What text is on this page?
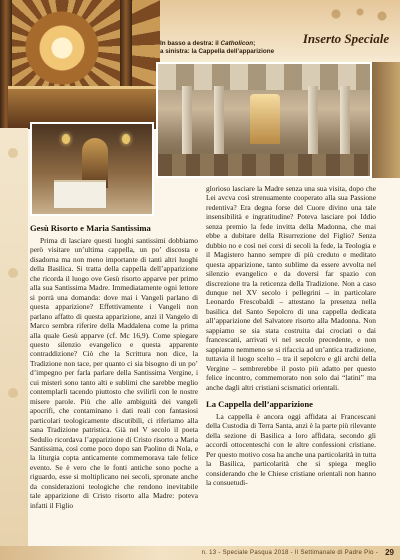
Inserto Speciale
In basso a destra: il Catholicon;
a sinistra: la Cappella dell’apparizione
Gesù Risorto e Maria Santissima

Prima di lasciare questi luoghi santissimi dobbiamo però visitare un’ultima cappella, un po’ discosta e disadorna ma non meno importante di tanti altri luoghi della Basilica. Si tratta della cappella dell’apparizione che ricorda il luogo ove Gesù risorto apparve per primo alla sua Santissima Madre. Immediatamente ogni lettore si porrà una domanda: dove mai i Vangeli parlano di questa apparizione? Effettivamente i Vangeli non parlano affatto di questa apparizione, anzi il Vangelo di Marco sembra riferire della Maddalena come la prima alla quale Gesù apparve (cf. Mc 16,9). Come spiegare questo silenzio evangelico e questa apparente contraddizione? Ciò che la Scrittura non dice, la Tradizione non tace, per quanto ci sia bisogno di un po’ d’impegno per farla parlare della Santissima Vergine, i cui misteri sono tanto alti e sublimi che sarebbe meglio contemplarli tacendo piuttosto che svilirli con le nostre misere parole. Più che alle ambiguità dei vangeli apocrifi, che contaminano i dati reali con fantasiosi particolari teologicamente discutibili, ci riferiamo alla sana Tradizione patristica. Già nel V secolo il poeta Sedulio ricordava l’apparizione di Cristo risorto a Maria Santissima, così come poco dopo san Paolino di Nola, e la liturgia copta anticamente commemorava tale felice evento. Se è vero che le fonti antiche sono poche a riguardo, esse si moltiplicano nei secoli, spronate anche da considerazioni teologiche che rendono inevitabile tale apparizione di Cristo risorto alla Madre: poteva infatti il Figlio

glorioso lasciare la Madre senza una sua visita, dopo che Lei avcva così strenuamente cooperato alla sua Passione redentiva? Era degna forse del Cuore divino una tale insensibilità e ingratitudine? Poteva lasciare poi Iddio senza premio la fede invitta della Madonna, che mai ebbe a dubitare della Risurrezione del Figlio? Senza dubbio no e così nei corsi di secoli la fede, la Teologia e il Magistero hanno sempre di più creduto e meditato questa apparizione, tanto sublime da essere avvolta nel silenzio evangelico e da doversi far spazio con discrezione tra la reticenza della Tradizione. Non a caso dunque nel XV secolo i pellegrini – in particolare Leonardo Frescobaldi – attestano la presenza nella basilica del Santo Sepolcro di una cappella dedicata all’apparizione del Salvatore risorto alla Madonna. Non sappiamo se sia stata costruita dai crociati o dai francescani, arrivati vi nel secolo precedente, e non sappiamo nemmeno se si rifaccia ad un’antica tradizione, tuttavia il luogo scelto – tra il sepolcro e gli archi della Vergine – sembrerebbe il posto più adatto per questo felice incontro, commemorato non solo dai “latini” ma anche dagli altri cristiani scismatici orientali.

La Cappella dell’apparizione

La cappella è ancora oggi affidata ai Francescani della Custodia di Terra Santa, anzi è la parte più rilevante della sezione di Basilica a loro affidata, secondo gli accordi ottocenteschi con le altre confessioni cristiane. Per questo motivo cosa ha anche una particolarità in tutta la Basilica, particolarità che si spiega meglio considerando che le Chiese cristiane orientali non hanno la consuetudi-

n. 13 - Speciale Pasqua 2018 - Il Settimanale di Padre Pio - 29
